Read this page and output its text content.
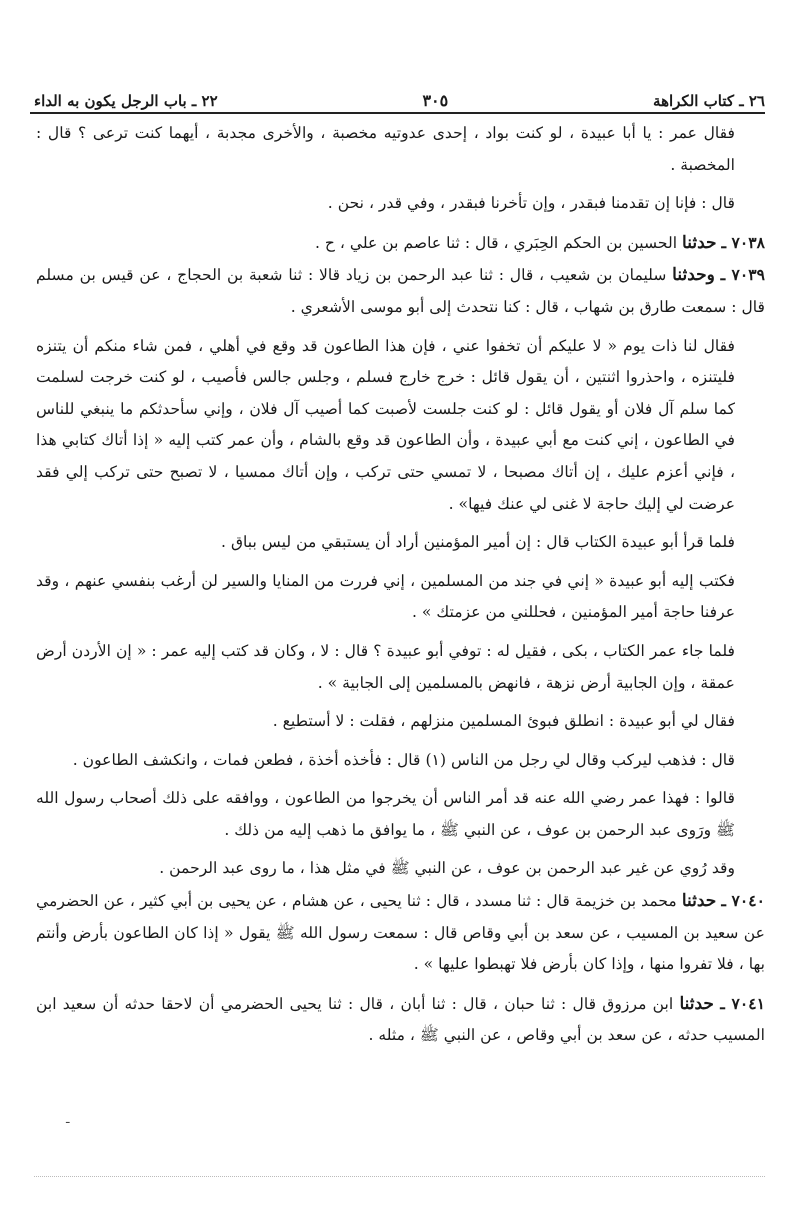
٢٦ ـ كتاب الكراهة
٣٠٥
٢٢ ـ باب الرجل يكون به الداء

فقال عمر : يا أبا عبيدة ، لو كنت بواد ، إحدى عدوتيه مخصبة ، والأخرى مجدبة ، أيهما كنت ترعى ؟ قال : المخصبة .

قال : فإنا إن تقدمنا فبقدر ، وإن تأخرنا فبقدر ، وفي قدر ، نحن .

٧٠٣٨ ـ حدثنا الحسين بن الحكم الحِبَري ، قال : ثنا عاصم بن علي ، ح .

٧٠٣٩ ـ وحدثنا سليمان بن شعيب ، قال : ثنا عبد الرحمن بن زياد قالا : ثنا شعبة بن الحجاج ، عن قيس بن مسلم قال : سمعت طارق بن شهاب ، قال : كنا نتحدث إلى أبو موسى الأشعري .

فقال لنا ذات يوم « لا عليكم أن تخفوا عني ، فإن هذا الطاعون قد وقع في أهلي ، فمن شاء منكم أن يتنزه فليتنزه ، واحذروا اثنتين ، أن يقول قائل : خرج خارج فسلم ، وجلس جالس فأصيب ، لو كنت خرجت لسلمت كما سلم آل فلان أو يقول قائل : لو كنت جلست لأصبت كما أصيب آل فلان ، وإني سأحدثكم ما ينبغي للناس في الطاعون ، إني كنت مع أبي عبيدة ، وأن الطاعون قد وقع بالشام ، وأن عمر كتب إليه « إذا أتاك كتابي هذا ، فإني أعزم عليك ، إن أتاك مصبحا ، لا تمسي حتى تركب ، وإن أتاك ممسيا ، لا تصبح حتى تركب إلي فقد عرضت لي إليك حاجة لا غنى لي عنك فيها» .

فلما قرأ أبو عبيدة الكتاب قال : إن أمير المؤمنين أراد أن يستبقي من ليس بباق .

فكتب إليه أبو عبيدة « إني في جند من المسلمين ، إني فررت من المنايا والسير لن أرغب بنفسي عنهم ، وقد عرفنا حاجة أمير المؤمنين ، فحللني من عزمتك » .

فلما جاء عمر الكتاب ، بكى ، فقيل له : توفي أبو عبيدة ؟ قال : لا ، وكان قد كتب إليه عمر : « إن الأردن أرض عمقة ، وإن الجابية أرض نزهة ، فانهض بالمسلمين إلى الجابية » .

فقال لي أبو عبيدة : انطلق فبوئ المسلمين منزلهم ، فقلت : لا أستطيع .

قال : فذهب ليركب وقال لي رجل من الناس (١) قال : فأخذه أخذة ، فطعن فمات ، وانكشف الطاعون .

قالوا : فهذا عمر رضي الله عنه قد أمر الناس أن يخرجوا من الطاعون ، ووافقه على ذلك أصحاب رسول الله ﷺ ورَوى عبد الرحمن بن عوف ، عن النبي ﷺ ، ما يوافق ما ذهب إليه من ذلك .

وقد رُوي عن غير عبد الرحمن بن عوف ، عن النبي ﷺ في مثل هذا ، ما روى عبد الرحمن .

٧٠٤٠ ـ حدثنا محمد بن خزيمة قال : ثنا مسدد ، قال : ثنا يحيى ، عن هشام ، عن يحيى بن أبي كثير ، عن الحضرمي عن سعيد بن المسيب ، عن سعد بن أبي وقاص قال : سمعت رسول الله ﷺ يقول « إذا كان الطاعون بأرض وأنتم بها ، فلا تفروا منها ، وإذا كان بأرض فلا تهبطوا عليها » .

٧٠٤١ ـ حدثنا ابن مرزوق قال : ثنا حبان ، قال : ثنا أبان ، قال : ثنا يحيى الحضرمي أن لاحقا حدثه أن سعيد ابن المسيب حدثه ، عن سعد بن أبي وقاص ، عن النبي ﷺ ، مثله .

ـ
